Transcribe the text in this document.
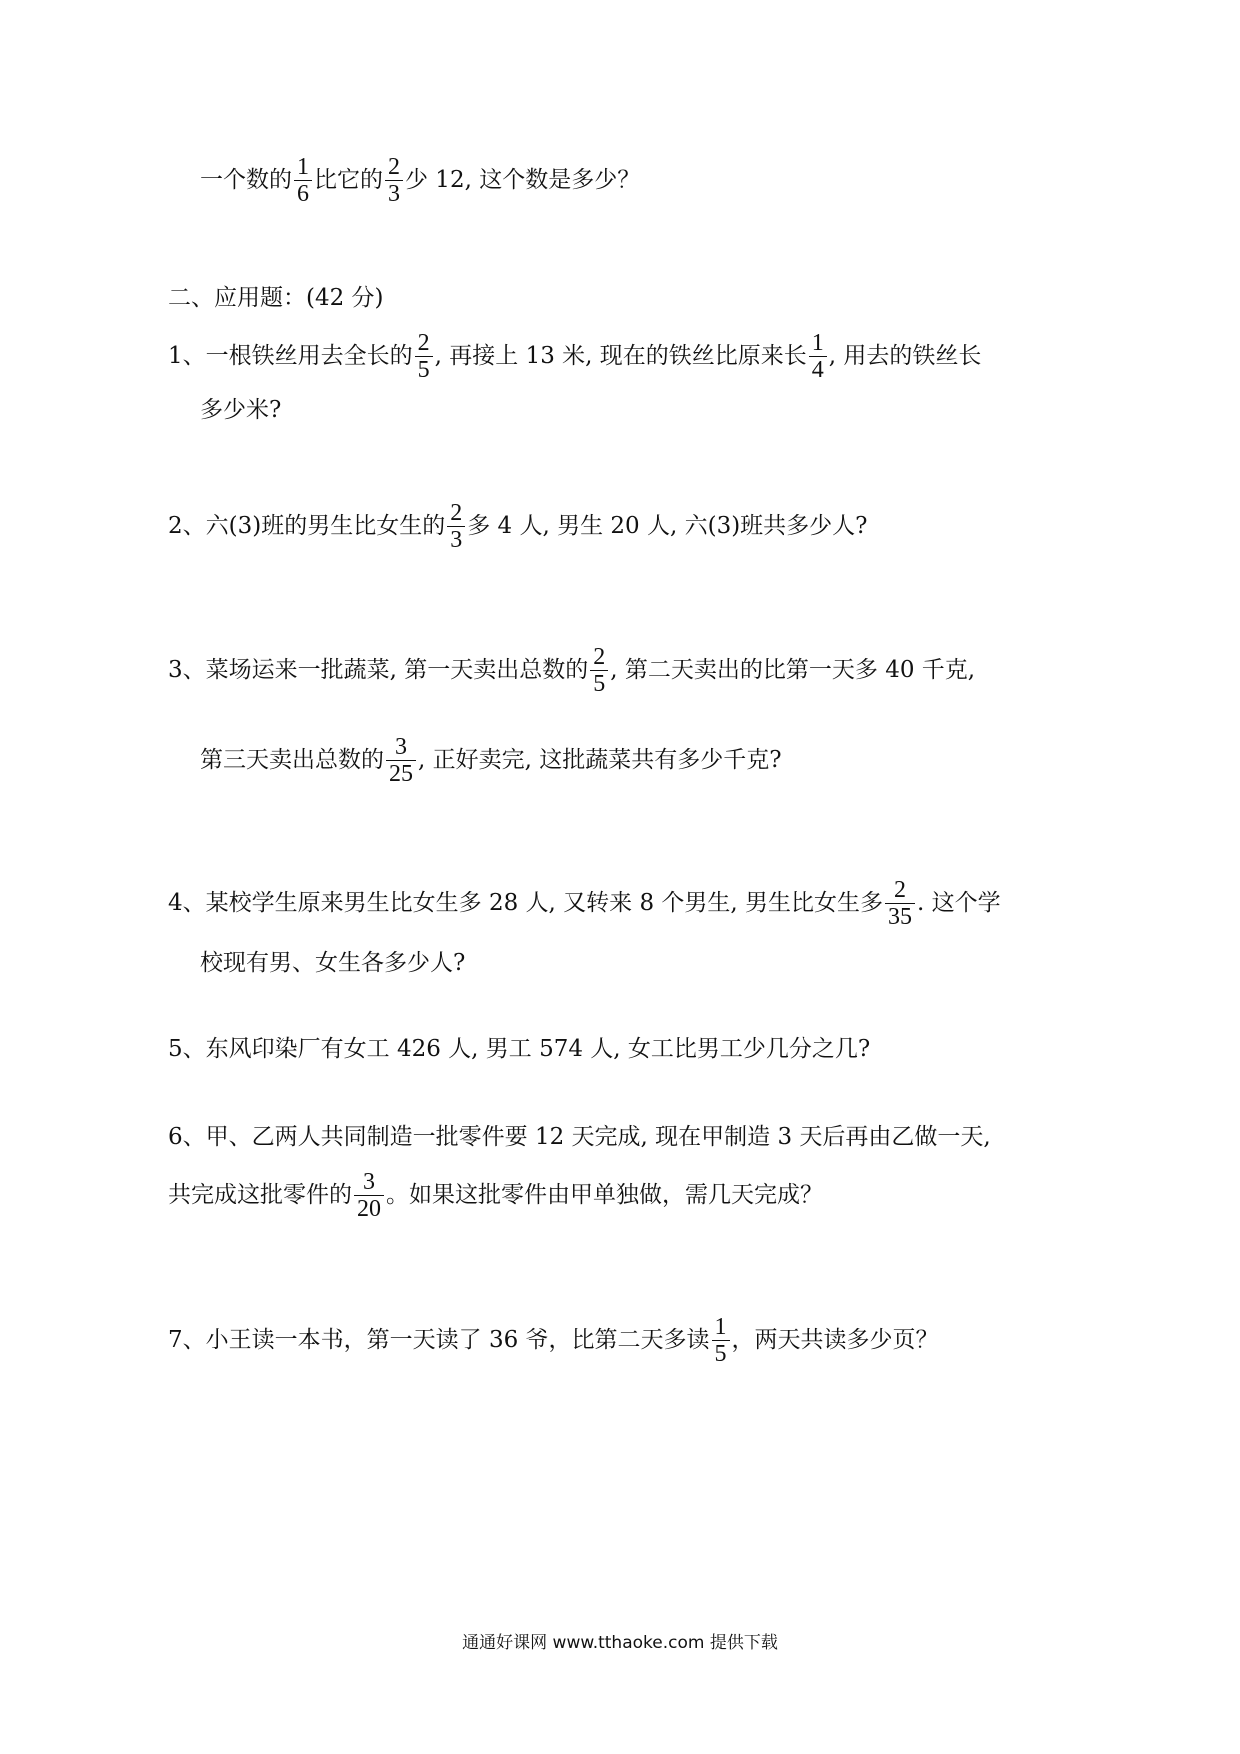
一个数的 $\frac{1}{6}$ 比它的 $\frac{2}{3}$ 少 12, 这个数是多少？
二、应用题：(42 分)
1、一根铁丝用去全长的 $\frac{2}{5}$ , 再接上 13 米, 现在的铁丝比原来长 $\frac{1}{4}$ , 用去的铁丝长
多少米?
2、六(3)班的男生比女生的 $\frac{2}{3}$ 多 4 人, 男生 20 人, 六(3)班共多少人?
3、菜场运来一批蔬菜, 第一天卖出总数的 $\frac{2}{5}$ , 第二天卖出的比第一天多 40 千克,
第三天卖出总数的 $\frac{3}{25}$ , 正好卖完, 这批蔬菜共有多少千克?
4、某校学生原来男生比女生多 28 人, 又转来 8 个男生, 男生比女生多 $\frac{2}{35}$ . 这个学
校现有男、女生各多少人?
5、东风印染厂有女工 426 人, 男工 574 人, 女工比男工少几分之几?
6、甲、乙两人共同制造一批零件要 12 天完成, 现在甲制造 3 天后再由乙做一天,
共完成这批零件的 $\frac{3}{20}$ 。如果这批零件由甲单独做，需几天完成？
7、小王读一本书，第一天读了 36 爷，比第二天多读 $\frac{1}{5}$ ，两天共读多少页？
通通好课网 www.tthaoke.com 提供下载
